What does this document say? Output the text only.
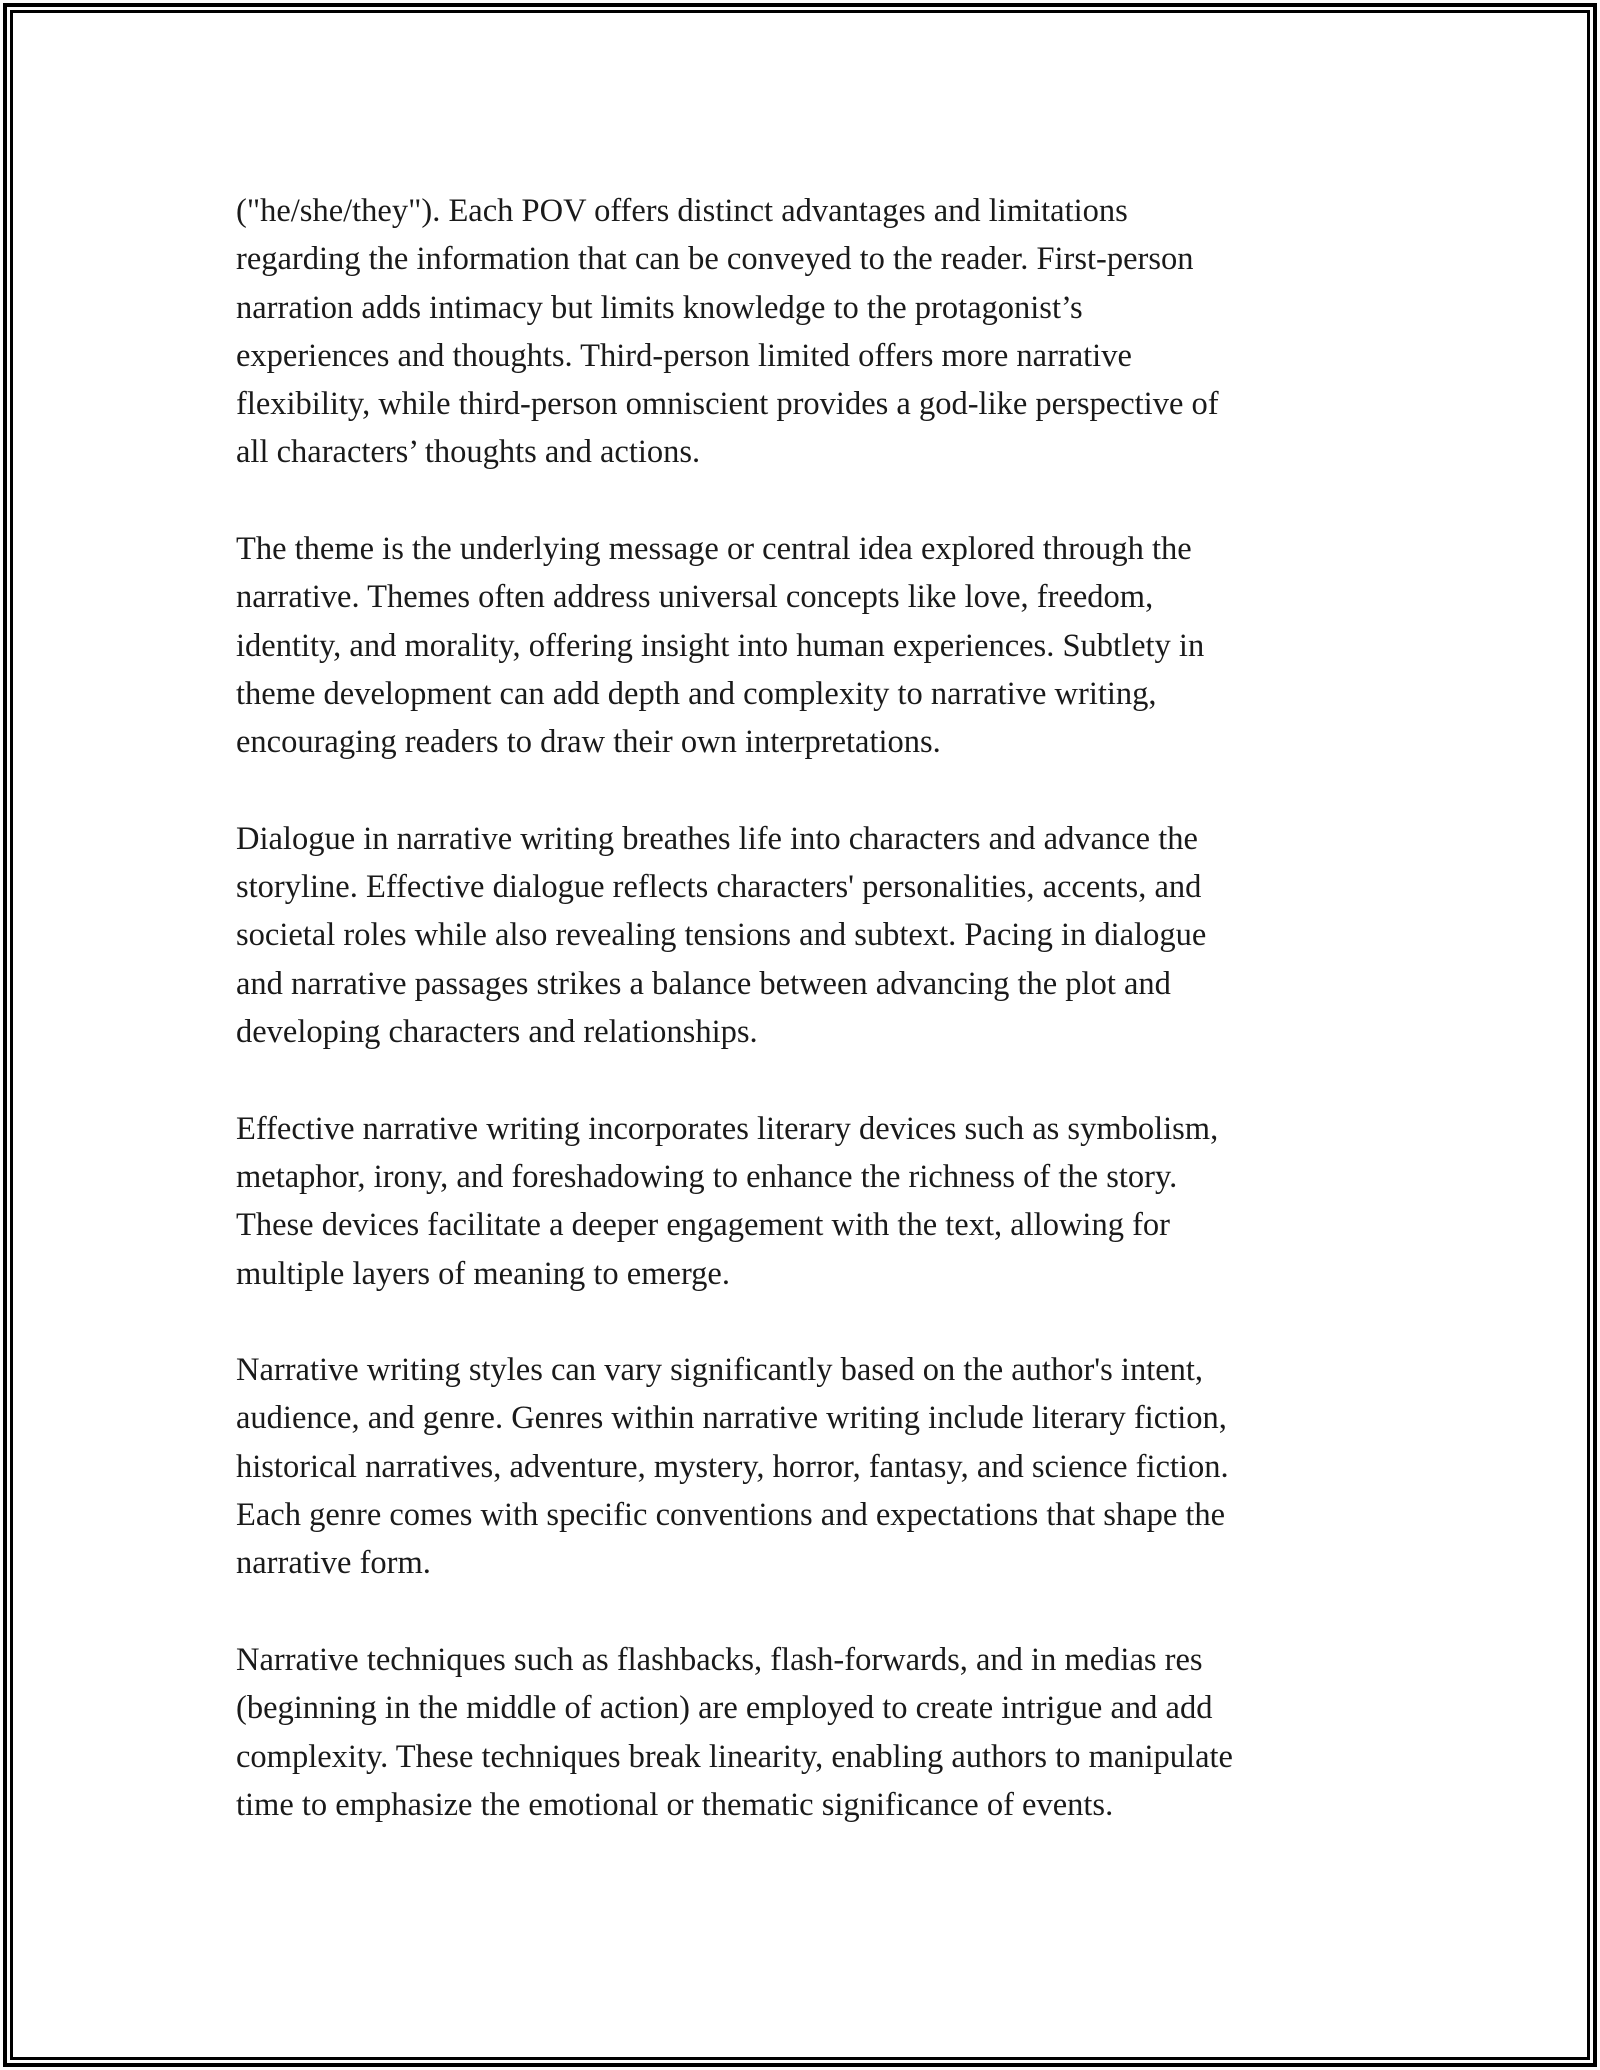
("he/she/they"). Each POV offers distinct advantages and limitations
regarding the information that can be conveyed to the reader. First-person
narration adds intimacy but limits knowledge to the protagonist’s
experiences and thoughts. Third-person limited offers more narrative
flexibility, while third-person omniscient provides a god-like perspective of
all characters’ thoughts and actions.

The theme is the underlying message or central idea explored through the
narrative. Themes often address universal concepts like love, freedom,
identity, and morality, offering insight into human experiences. Subtlety in
theme development can add depth and complexity to narrative writing,
encouraging readers to draw their own interpretations.

Dialogue in narrative writing breathes life into characters and advance the
storyline. Effective dialogue reflects characters' personalities, accents, and
societal roles while also revealing tensions and subtext. Pacing in dialogue
and narrative passages strikes a balance between advancing the plot and
developing characters and relationships.

Effective narrative writing incorporates literary devices such as symbolism,
metaphor, irony, and foreshadowing to enhance the richness of the story.
These devices facilitate a deeper engagement with the text, allowing for
multiple layers of meaning to emerge.

Narrative writing styles can vary significantly based on the author's intent,
audience, and genre. Genres within narrative writing include literary fiction,
historical narratives, adventure, mystery, horror, fantasy, and science fiction.
Each genre comes with specific conventions and expectations that shape the
narrative form.

Narrative techniques such as flashbacks, flash-forwards, and in medias res
(beginning in the middle of action) are employed to create intrigue and add
complexity. These techniques break linearity, enabling authors to manipulate
time to emphasize the emotional or thematic significance of events.
